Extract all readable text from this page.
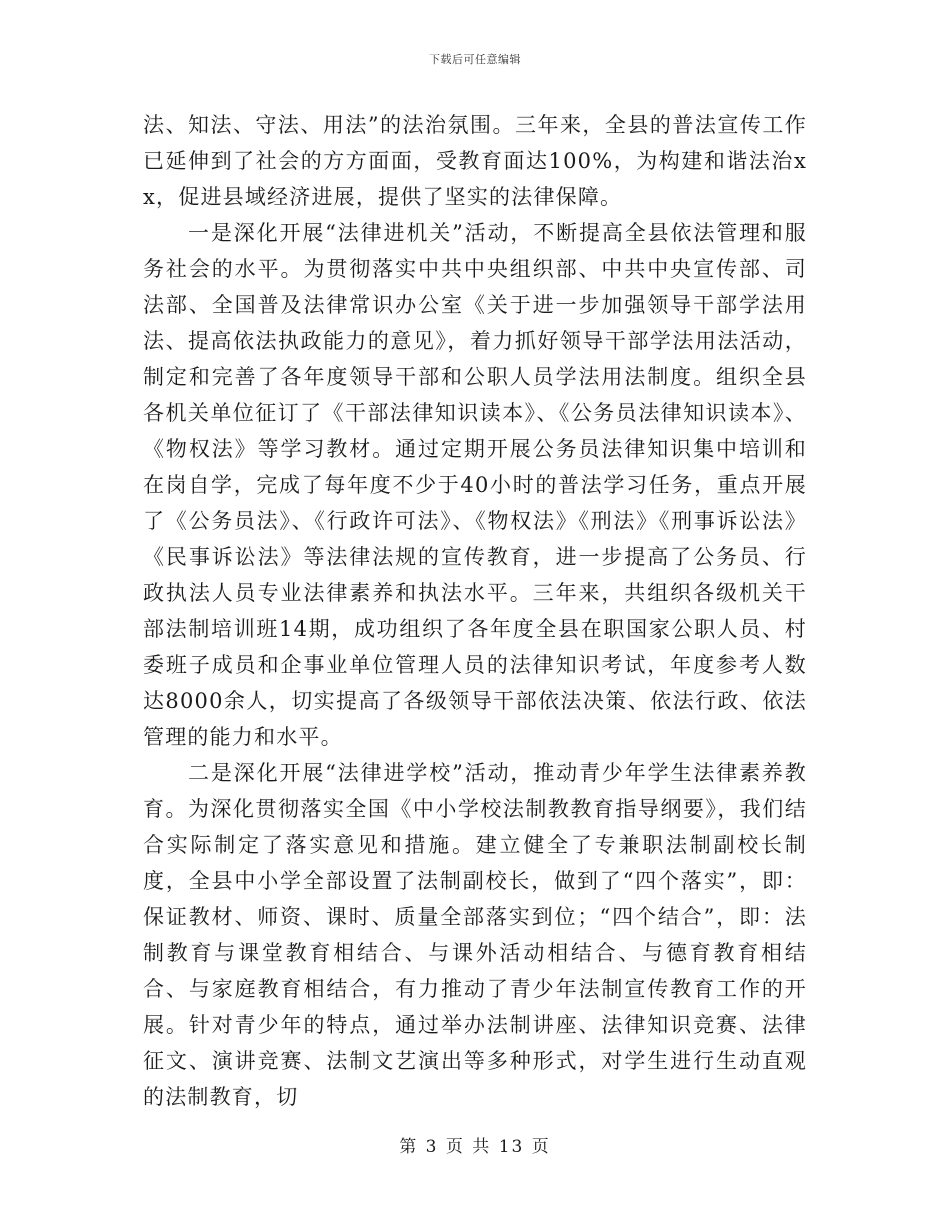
下载后可任意编辑

法、知法、守法、用法”的法治氛围。三年来，全县的普法宣传工作已延伸到了社会的方方面面，受教育面达100%，为构建和谐法治xx，促进县域经济进展，提供了坚实的法律保障。

一是深化开展“法律进机关”活动，不断提高全县依法管理和服务社会的水平。为贯彻落实中共中央组织部、中共中央宣传部、司法部、全国普及法律常识办公室《关于进一步加强领导干部学法用法、提高依法执政能力的意见》，着力抓好领导干部学法用法活动，制定和完善了各年度领导干部和公职人员学法用法制度。组织全县各机关单位征订了《干部法律知识读本》、《公务员法律知识读本》、《物权法》等学习教材。通过定期开展公务员法律知识集中培训和在岗自学，完成了每年度不少于40小时的普法学习任务，重点开展了《公务员法》、《行政许可法》、《物权法》《刑法》《刑事诉讼法》《民事诉讼法》等法律法规的宣传教育，进一步提高了公务员、行政执法人员专业法律素养和执法水平。三年来，共组织各级机关干部法制培训班14期，成功组织了各年度全县在职国家公职人员、村委班子成员和企事业单位管理人员的法律知识考试，年度参考人数达8000余人，切实提高了各级领导干部依法决策、依法行政、依法管理的能力和水平。

二是深化开展“法律进学校”活动，推动青少年学生法律素养教育。为深化贯彻落实全国《中小学校法制教教育指导纲要》，我们结合实际制定了落实意见和措施。建立健全了专兼职法制副校长制度，全县中小学全部设置了法制副校长，做到了“四个落实”，即：保证教材、师资、课时、质量全部落实到位；“四个结合”，即：法制教育与课堂教育相结合、与课外活动相结合、与德育教育相结合、与家庭教育相结合，有力推动了青少年法制宣传教育工作的开展。针对青少年的特点，通过举办法制讲座、法律知识竞赛、法律征文、演讲竞赛、法制文艺演出等多种形式，对学生进行生动直观的法制教育，切

第 3 页 共 13 页
